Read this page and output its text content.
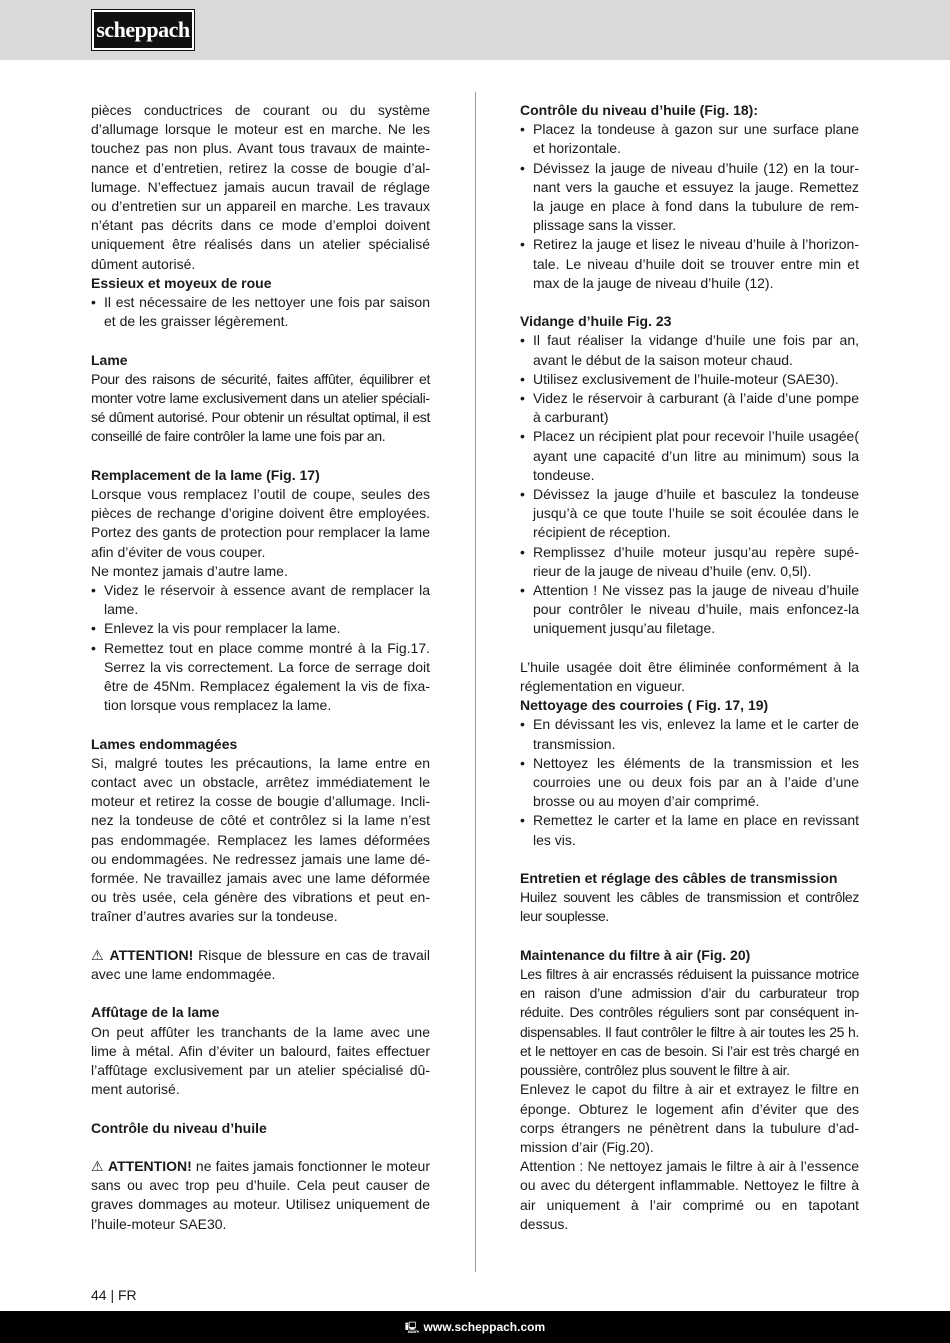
scheppach

pièces conductrices de courant ou du système d’allumage lorsque le moteur est en marche. Ne les touchez pas non plus. Avant tous travaux de maintenance et d’entretien, retirez la cosse de bougie d’allumage. N’effectuez jamais aucun travail de réglage ou d’entretien sur un appareil en marche. Les travaux n’étant pas décrits dans ce mode d’emploi doivent uniquement être réalisés dans un atelier spécialisé dûment autorisé.

Essieux et moyeux de roue
• Il est nécessaire de les nettoyer une fois par saison et de les graisser légèrement.
Lame

Pour des raisons de sécurité, faites affûter, équilibrer et monter votre lame exclusivement dans un atelier spécialisé dûment autorisé. Pour obtenir un résultat optimal, il est conseillé de faire contrôler la lame une fois par an.

Remplacement de la lame (Fig. 17)

Lorsque vous remplacez l’outil de coupe, seules des pièces de rechange d’origine doivent être employées. Portez des gants de protection pour remplacer la lame afin d’éviter de vous couper.

Ne montez jamais d’autre lame.

• Videz le réservoir à essence avant de remplacer la lame.
• Enlevez la vis pour remplacer la lame.
• Remettez tout en place comme montré à la Fig.17. Serrez la vis correctement. La force de serrage doit être de 45Nm. Remplacez également la vis de fixation lorsque vous remplacez la lame.
Lames endommagées

Si, malgré toutes les précautions, la lame entre en contact avec un obstacle, arrêtez immédiatement le moteur et retirez la cosse de bougie d’allumage. Inclinez la tondeuse de côté et contrôlez si la lame n’est pas endommagée. Remplacez les lames déformées ou endommagées. Ne redressez jamais une lame déformée. Ne travaillez jamais avec une lame déformée ou très usée, cela génère des vibrations et peut entraîner d’autres avaries sur la tondeuse.

⚠ ATTENTION! Risque de blessure en cas de travail avec une lame endommagée.

Affûtage de la lame

On peut affûter les tranchants de la lame avec une lime à métal. Afin d’éviter un balourd, faites effectuer l’affûtage exclusivement par un atelier spécialisé dûment autorisé.

Contrôle du niveau d’huile

⚠ ATTENTION! ne faites jamais fonctionner le moteur sans ou avec trop peu d’huile. Cela peut causer de graves dommages au moteur. Utilisez uniquement de l’huile-moteur SAE30.

Contrôle du niveau d’huile (Fig. 18):
• Placez la tondeuse à gazon sur une surface plane et horizontale.
• Dévissez la jauge de niveau d’huile (12) en la tournant vers la gauche et essuyez la jauge. Remettez la jauge en place à fond dans la tubulure de remplissage sans la visser.
• Retirez la jauge et lisez le niveau d’huile à l’horizontale. Le niveau d’huile doit se trouver entre min et max de la jauge de niveau d’huile (12).
Vidange d’huile Fig. 23
• Il faut réaliser la vidange d’huile une fois par an, avant le début de la saison moteur chaud.
• Utilisez exclusivement de l’huile-moteur (SAE30).
• Videz le réservoir à carburant (à l’aide d’une pompe à carburant)
• Placez un récipient plat pour recevoir l’huile usagée( ayant une capacité d’un litre au minimum) sous la tondeuse.
• Dévissez la jauge d’huile et basculez la tondeuse jusqu’à ce que toute l’huile se soit écoulée dans le récipient de réception.
• Remplissez d’huile moteur jusqu’au repère supérieur de la jauge de niveau d’huile (env. 0,5l).
• Attention ! Ne vissez pas la jauge de niveau d’huile pour contrôler le niveau d’huile, mais enfoncez-la uniquement jusqu’au filetage.

L’huile usagée doit être éliminée conformément à la réglementation en vigueur.

Nettoyage des courroies ( Fig. 17, 19)
• En dévissant les vis, enlevez la lame et le carter de transmission.
• Nettoyez les éléments de la transmission et les courroies une ou deux fois par an à l’aide d’une brosse ou au moyen d’air comprimé.
• Remettez le carter et la lame en place en revissant les vis.
Entretien et réglage des câbles de transmission

Huilez souvent les câbles de transmission et contrôlez leur souplesse.

Maintenance du filtre à air (Fig. 20)

Les filtres à air encrassés réduisent la puissance motrice en raison d’une admission d’air du carburateur trop réduite. Des contrôles réguliers sont par conséquent indispensables. Il faut contrôler le filtre à air toutes les 25 h. et le nettoyer en cas de besoin. Si l’air est très chargé en poussière, contrôlez plus souvent le filtre à air.

Enlevez le capot du filtre à air et extrayez le filtre en éponge. Obturez le logement afin d’éviter que des corps étrangers ne pénètrent dans la tubulure d’admission d’air (Fig.20).

Attention : Ne nettoyez jamais le filtre à air à l’essence ou avec du détergent inflammable. Nettoyez le filtre à air uniquement à l’air comprimé ou en tapotant dessus.

44 | FR
🖳 www.scheppach.com
